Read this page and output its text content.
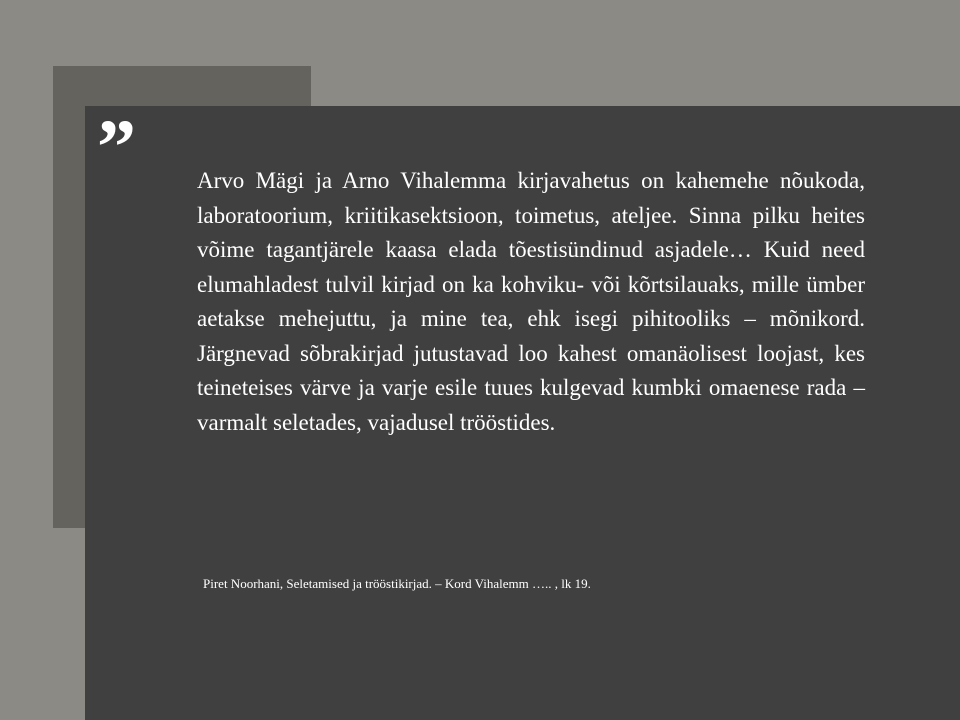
”	Arvo Mägi ja Arno Vihalemma kirjavahetus on kahemehe nõukoda, laboratoorium, kriitikasektsioon, toimetus, ateljee. Sinna pilku heites võime tagantjärele kaasa elada tõestisündinud asjadele… Kuid need elumahladest tulvil kirjad on ka kohviku- või kõrtsilauaks, mille ümber aetakse mehejuttu, ja mine tea, ehk isegi pihitooliks – mõnikord. Järgnevad sõbrakirjad jutustavad loo kahest omanäolisest loojast, kes teineteises värve ja varje esile tuues kulgevad kumbki omaenese rada – varmalt seletades, vajadusel trööstides.

Piret Noorhani, Seletamised ja trööstikirjad. – Kord Vihalemm ….. , lk 19.
